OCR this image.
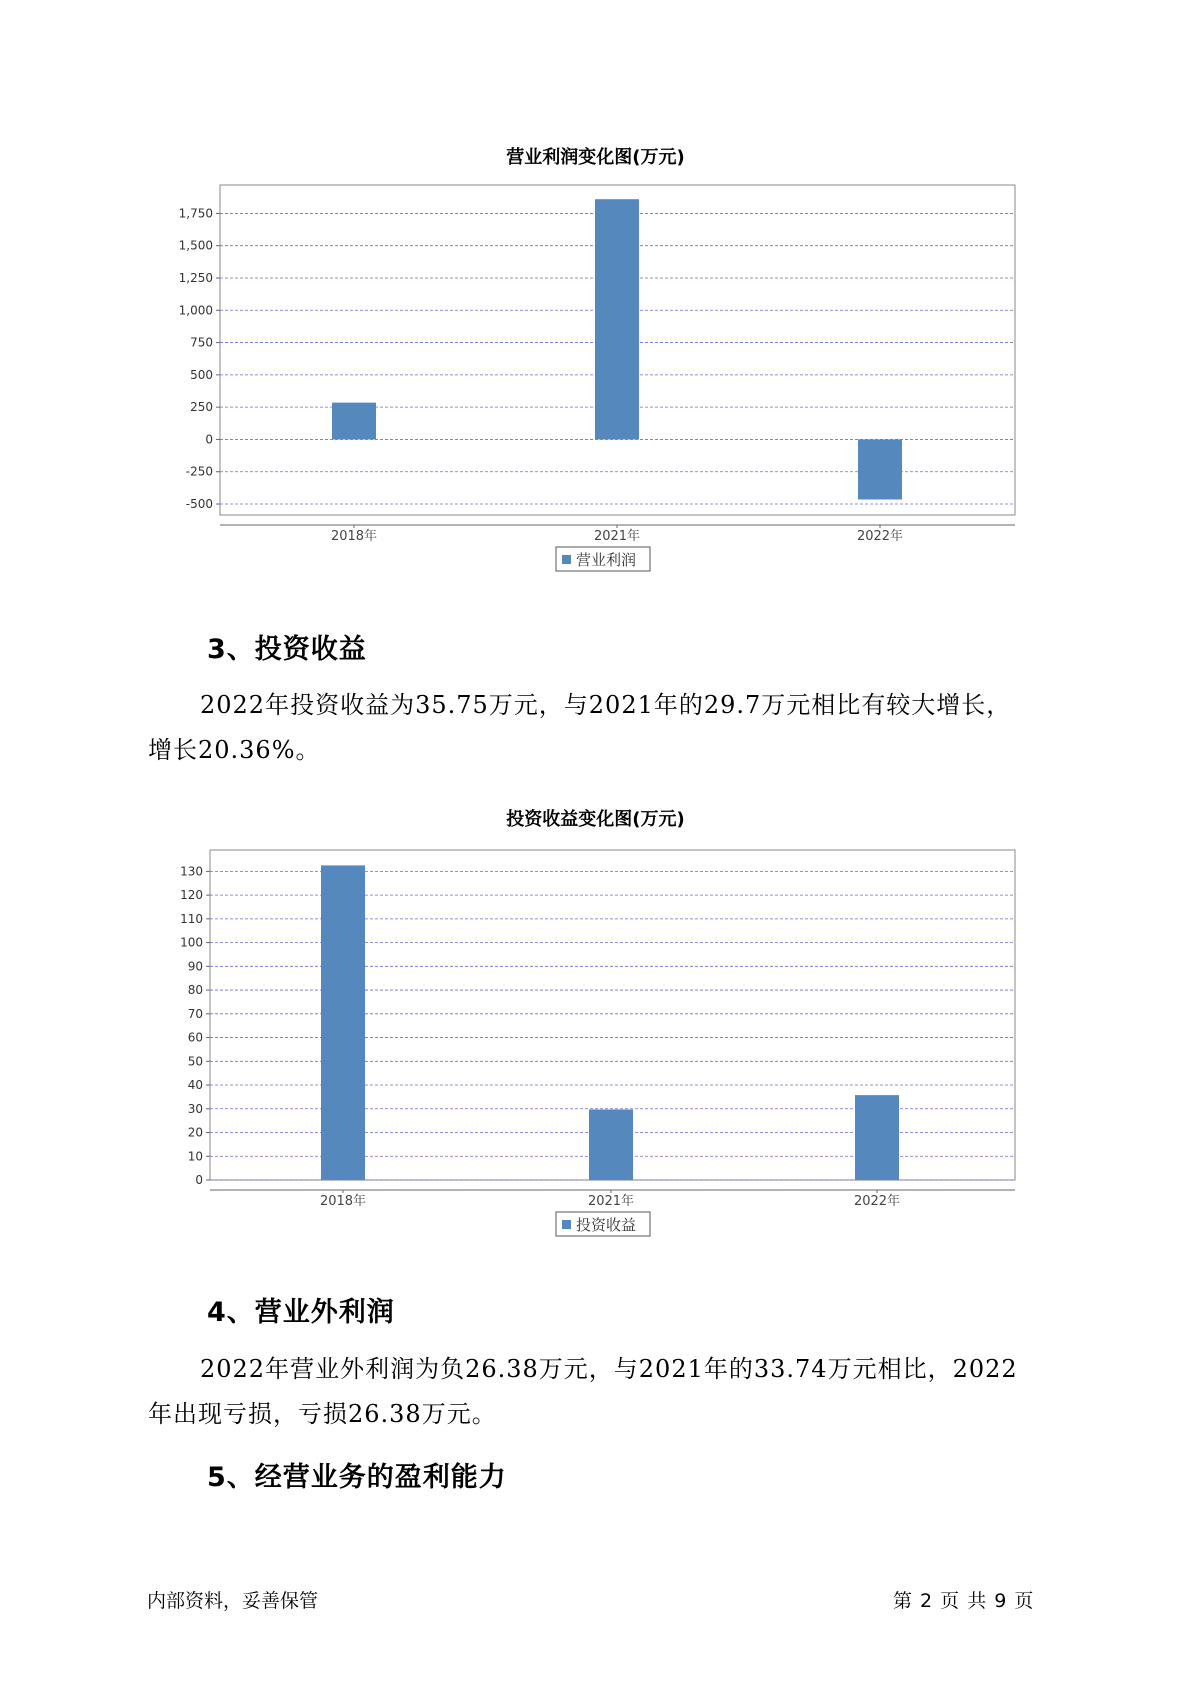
营业利润变化图(万元)
-500
-250
0
250
500
750
1,000
1,250
1,500
1,750
2018年	2021年	2022年
营业利润
3、投资收益
2022年投资收益为35.75万元，与2021年的29.7万元相比有较大增长，
增长20.36%。
投资收益变化图(万元)
0
10
20
30
40
50
60
70
80
90
100
110
120
130
2018年	2021年	2022年
投资收益
4、营业外利润
2022年营业外利润为负26.38万元，与2021年的33.74万元相比，2022
年出现亏损，亏损26.38万元。
5、经营业务的盈利能力
内部资料，妥善保管	第 2 页 共 9 页
